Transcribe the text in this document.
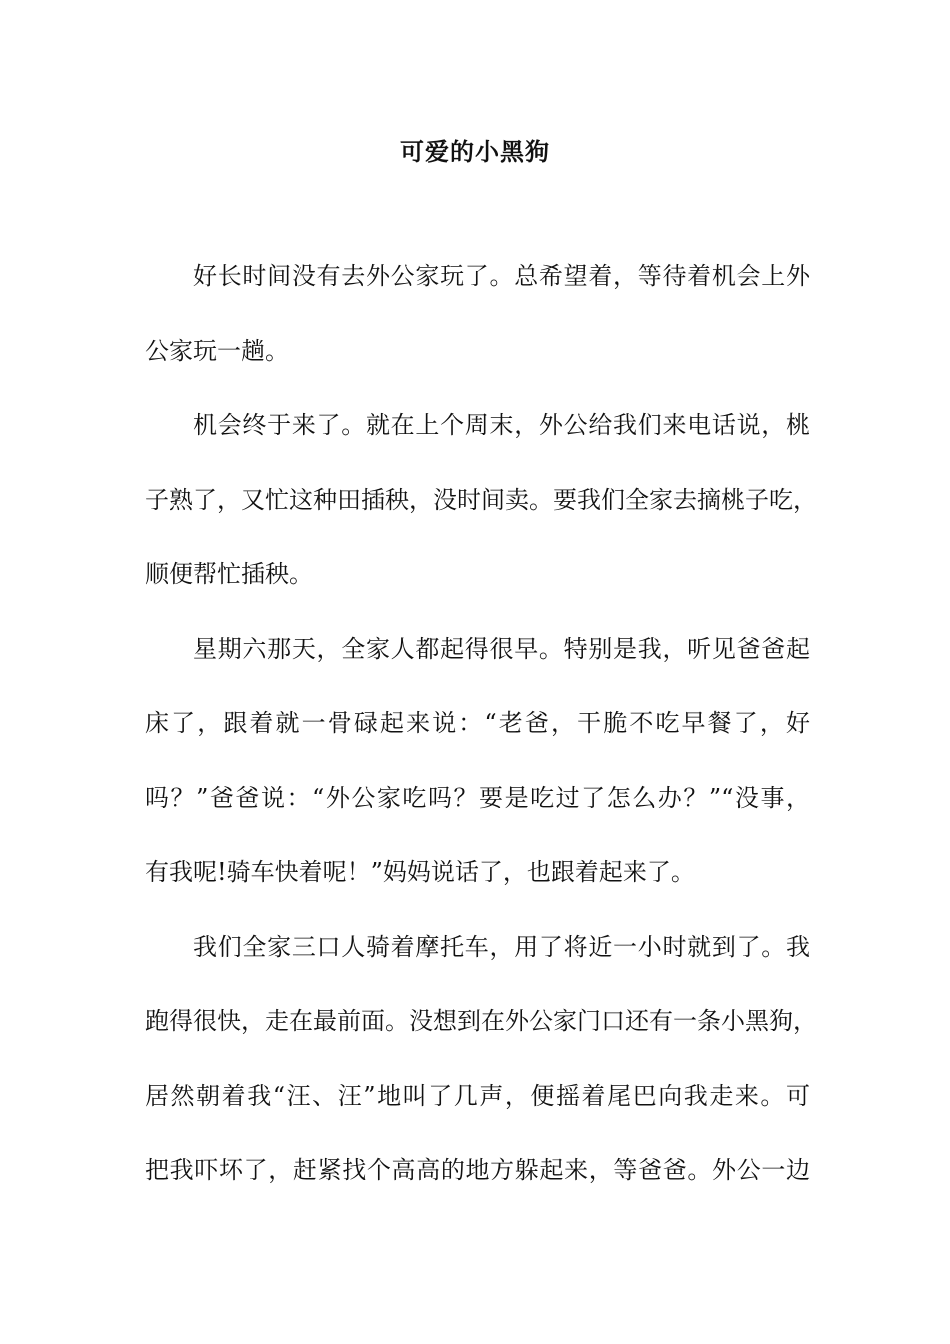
可爱的小黑狗
好长时间没有去外公家玩了。总希望着，等待着机会上外
公家玩一趟。
机会终于来了。就在上个周末，外公给我们来电话说，桃
子熟了，又忙这种田插秧，没时间卖。要我们全家去摘桃子吃，
顺便帮忙插秧。
星期六那天，全家人都起得很早。特别是我，听见爸爸起
床了，跟着就一骨碌起来说：“老爸，干脆不吃早餐了，好
吗？”爸爸说：“外公家吃吗？要是吃过了怎么办？”“没事，
有我呢!骑车快着呢！”妈妈说话了，也跟着起来了。
我们全家三口人骑着摩托车，用了将近一小时就到了。我
跑得很快，走在最前面。没想到在外公家门口还有一条小黑狗，
居然朝着我“汪、汪”地叫了几声，便摇着尾巴向我走来。可
把我吓坏了，赶紧找个高高的地方躲起来，等爸爸。外公一边
